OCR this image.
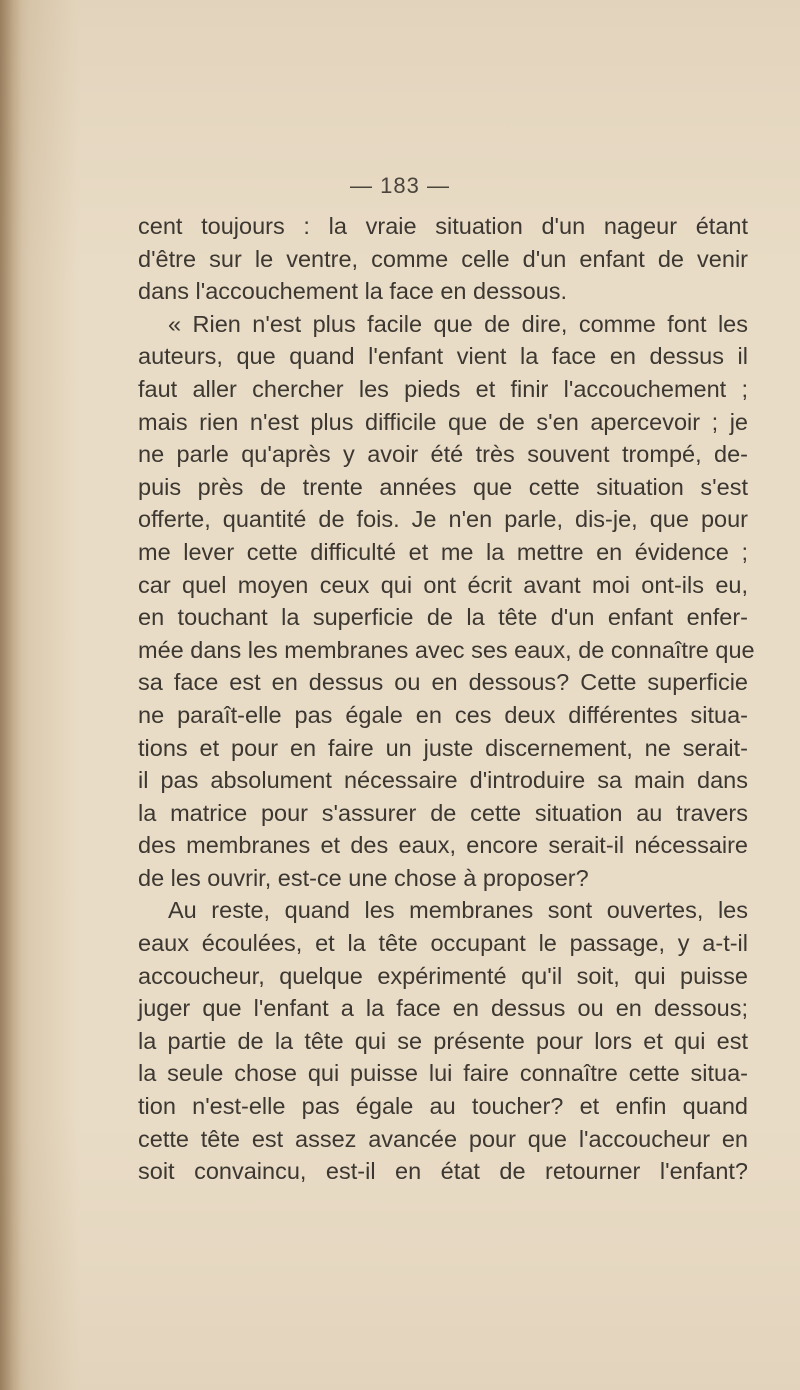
— 183 —
cent toujours : la vraie situation d'un nageur étant
d'être sur le ventre, comme celle d'un enfant de venir
dans l'accouchement la face en dessous.
« Rien n'est plus facile que de dire, comme font les
auteurs, que quand l'enfant vient la face en dessus il
faut aller chercher les pieds et finir l'accouchement ;
mais rien n'est plus difficile que de s'en apercevoir ; je
ne parle qu'après y avoir été très souvent trompé, de-
puis près de trente années que cette situation s'est
offerte, quantité de fois. Je n'en parle, dis-je, que pour
me lever cette difficulté et me la mettre en évidence ;
car quel moyen ceux qui ont écrit avant moi ont-ils eu,
en touchant la superficie de la tête d'un enfant enfer-
mée dans les membranes avec ses eaux, de connaître que
sa face est en dessus ou en dessous? Cette superficie
ne paraît-elle pas égale en ces deux différentes situa-
tions et pour en faire un juste discernement, ne serait-
il pas absolument nécessaire d'introduire sa main dans
la matrice pour s'assurer de cette situation au travers
des membranes et des eaux, encore serait-il nécessaire
de les ouvrir, est-ce une chose à proposer?
Au reste, quand les membranes sont ouvertes, les
eaux écoulées, et la tête occupant le passage, y a-t-il
accoucheur, quelque expérimenté qu'il soit, qui puisse
juger que l'enfant a la face en dessus ou en dessous;
la partie de la tête qui se présente pour lors et qui est
la seule chose qui puisse lui faire connaître cette situa-
tion n'est-elle pas égale au toucher? et enfin quand
cette tête est assez avancée pour que l'accoucheur en
soit convaincu, est-il en état de retourner l'enfant?
